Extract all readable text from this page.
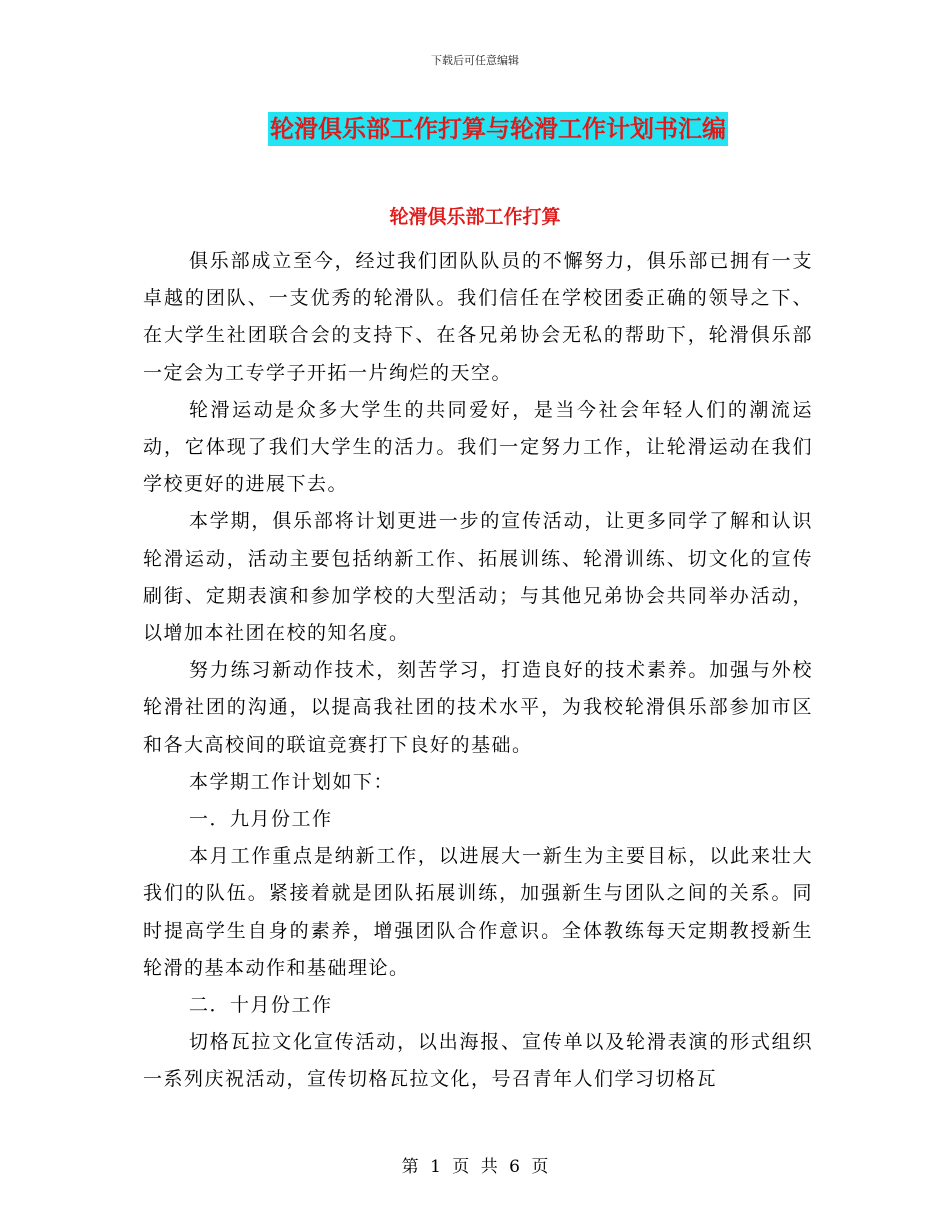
下载后可任意编辑
轮滑俱乐部工作打算与轮滑工作计划书汇编
轮滑俱乐部工作打算

俱乐部成立至今，经过我们团队队员的不懈努力，俱乐部已拥有一支卓越的团队、一支优秀的轮滑队。我们信任在学校团委正确的领导之下、在大学生社团联合会的支持下、在各兄弟协会无私的帮助下，轮滑俱乐部一定会为工专学子开拓一片绚烂的天空。

轮滑运动是众多大学生的共同爱好，是当今社会年轻人们的潮流运动，它体现了我们大学生的活力。我们一定努力工作，让轮滑运动在我们学校更好的进展下去。

本学期，俱乐部将计划更进一步的宣传活动，让更多同学了解和认识轮滑运动，活动主要包括纳新工作、拓展训练、轮滑训练、切文化的宣传刷街、定期表演和参加学校的大型活动；与其他兄弟协会共同举办活动，以增加本社团在校的知名度。

努力练习新动作技术，刻苦学习，打造良好的技术素养。加强与外校轮滑社团的沟通，以提高我社团的技术水平，为我校轮滑俱乐部参加市区和各大高校间的联谊竞赛打下良好的基础。

本学期工作计划如下：

一．九月份工作

本月工作重点是纳新工作，以进展大一新生为主要目标，以此来壮大我们的队伍。紧接着就是团队拓展训练，加强新生与团队之间的关系。同时提高学生自身的素养，增强团队合作意识。全体教练每天定期教授新生轮滑的基本动作和基础理论。

二．十月份工作

切格瓦拉文化宣传活动，以出海报、宣传单以及轮滑表演的形式组织一系列庆祝活动，宣传切格瓦拉文化，号召青年人们学习切格瓦

第 1 页 共 6 页
